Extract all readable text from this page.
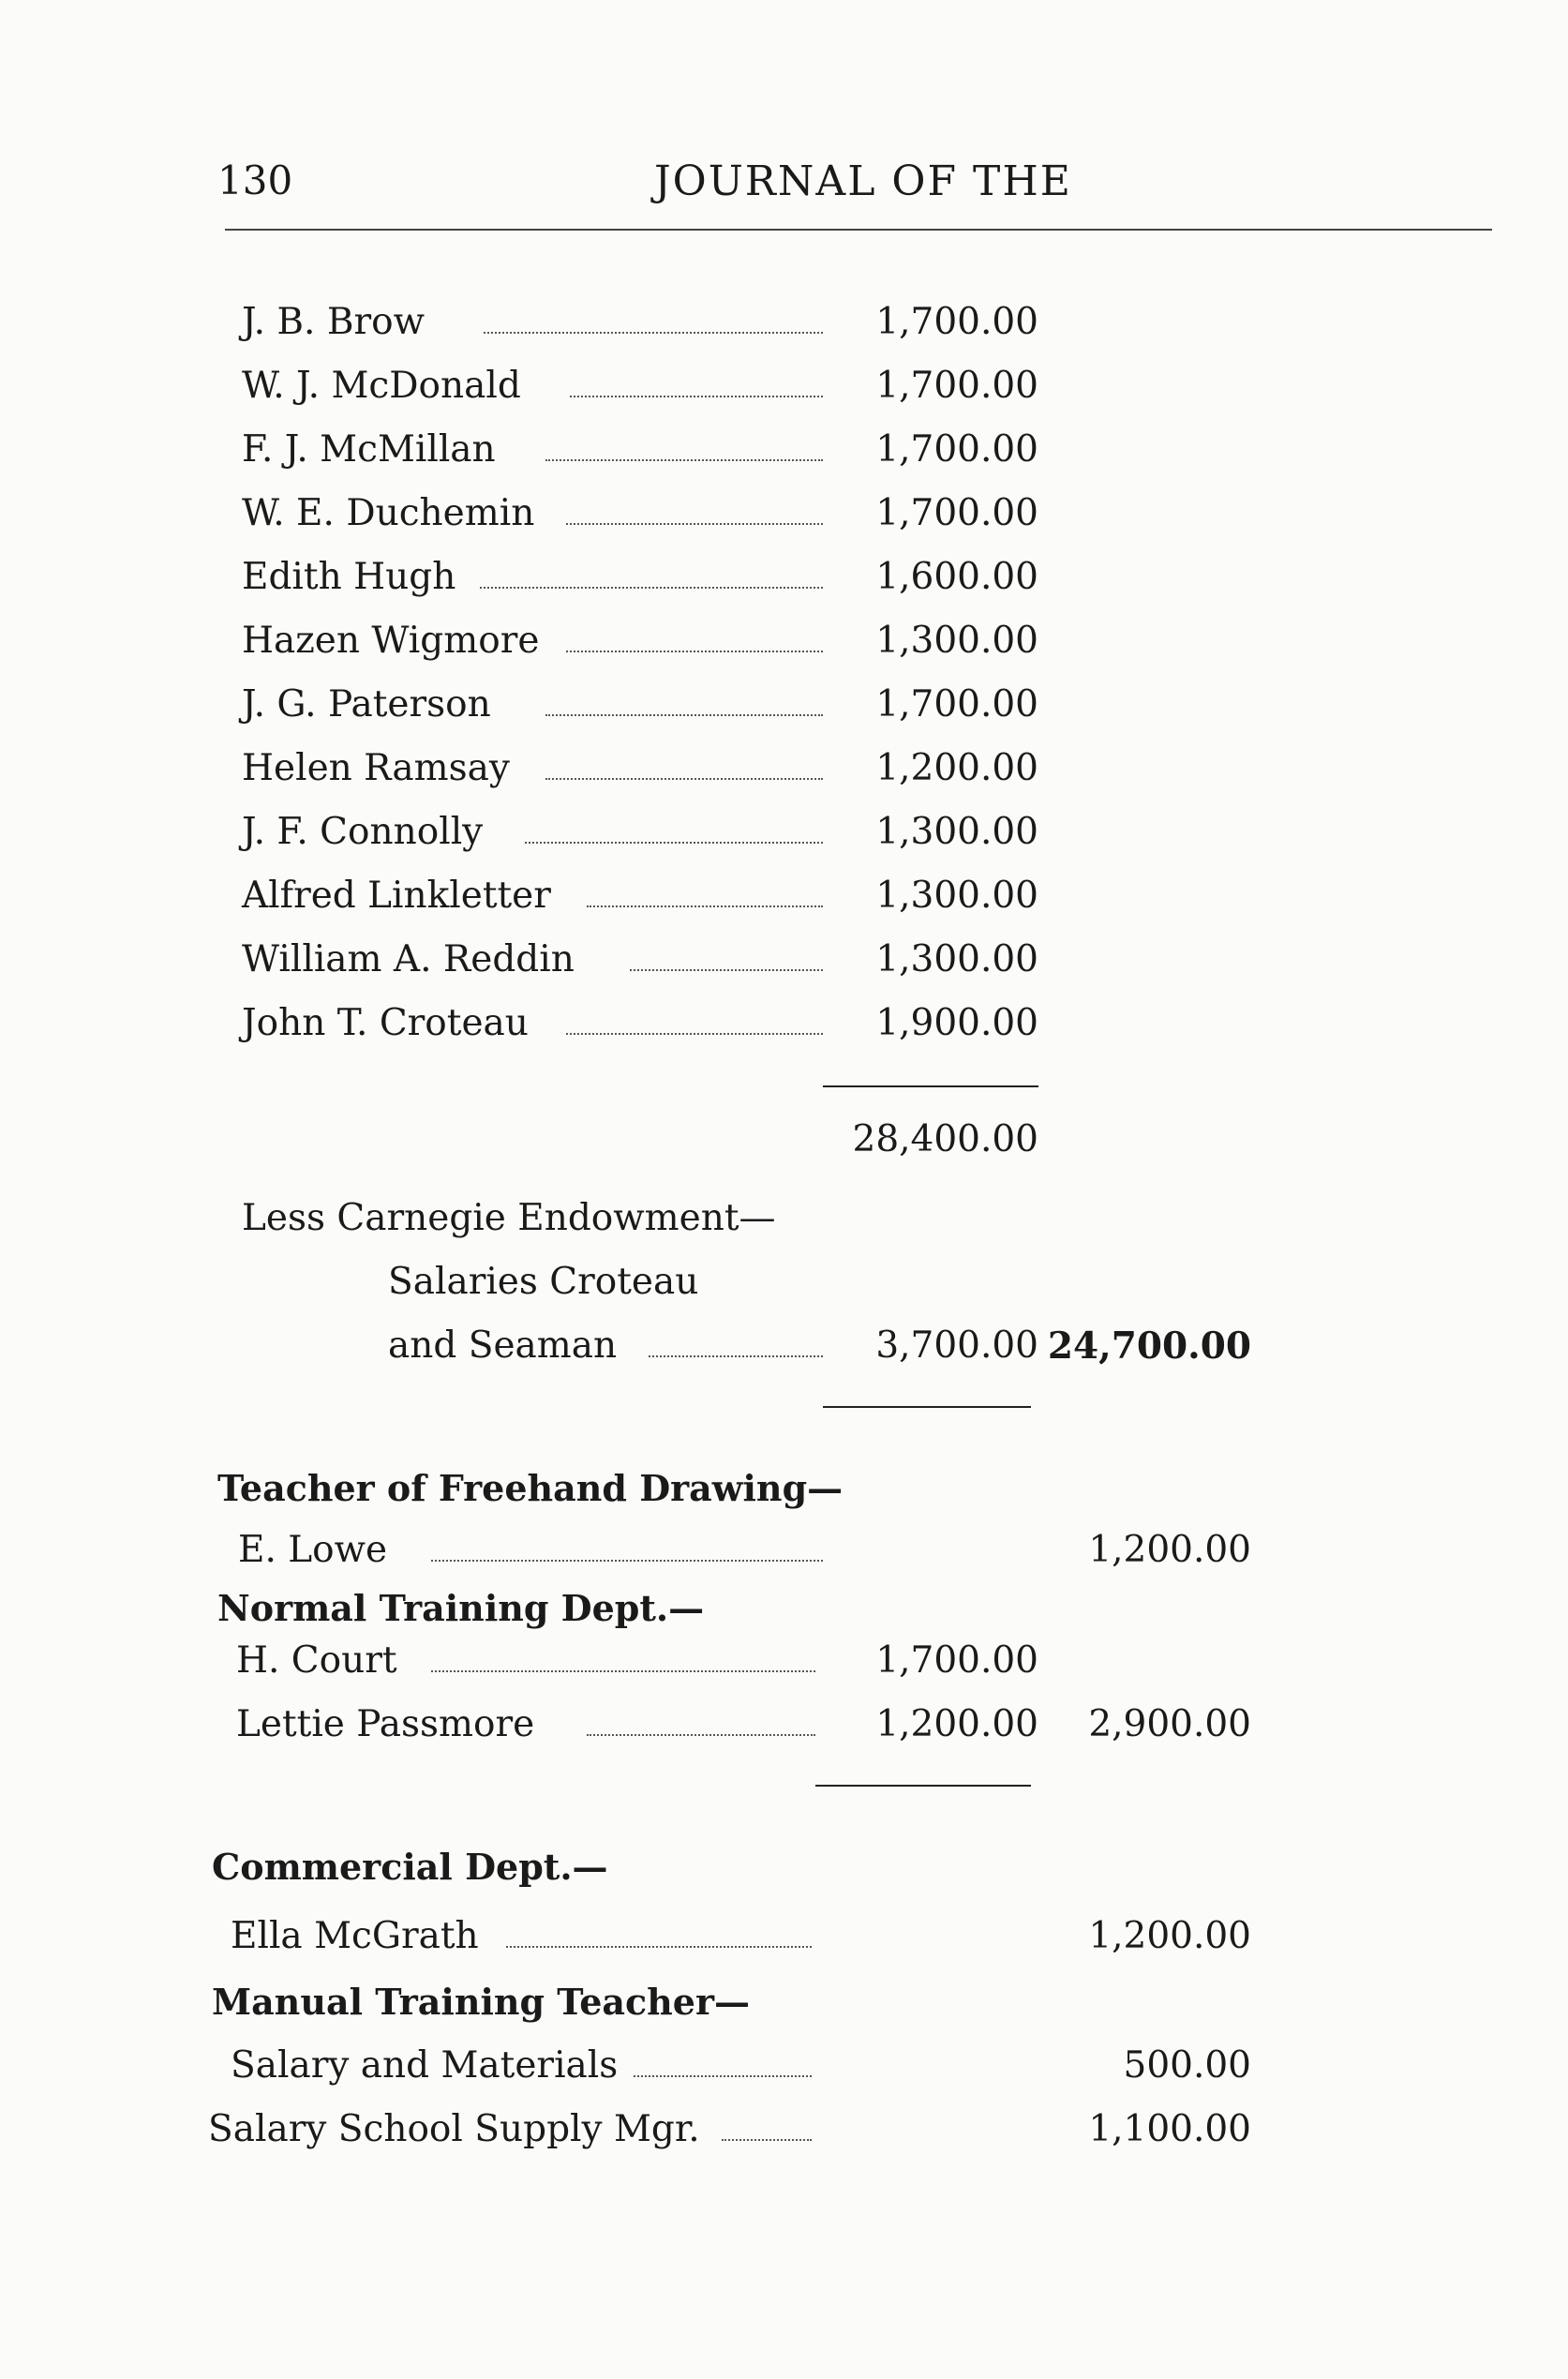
130	JOURNAL OF THE
J. B. Brow	1,700.00
W. J. McDonald	1,700.00
F. J. McMillan	1,700.00
W. E. Duchemin	1,700.00
Edith Hugh	1,600.00
Hazen Wigmore	1,300.00
J. G. Paterson	1,700.00
Helen Ramsay	1,200.00
J. F. Connolly	1,300.00
Alfred Linkletter	1,300.00
William A. Reddin	1,300.00
John T. Croteau	1,900.00
28,400.00
Less Carnegie Endowment—
Salaries Croteau
and Seaman	3,700.00 24,700.00
Teacher of Freehand Drawing—
E. Lowe	1,200.00
Normal Training Dept.—
H. Court	1,700.00
Lettie Passmore	1,200.00	2,900.00
Commercial Dept.—
Ella McGrath	1,200.00
Manual Training Teacher—
Salary and Materials	500.00
Salary School Supply Mgr.	1,100.00
